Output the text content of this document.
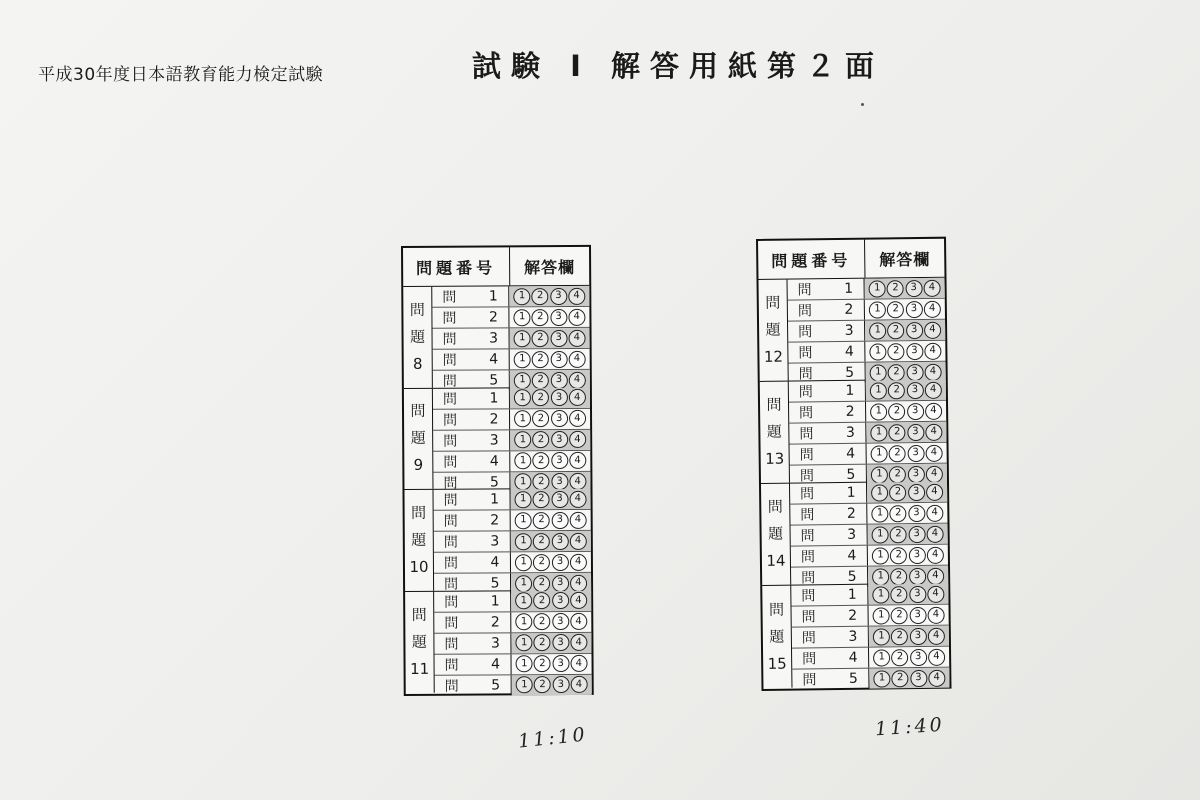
平成30年度日本語教育能力検定試験	試験 I 解答用紙第２面
問題番号	解答欄
問
題
8
問	1	1	2	3	4
問	2	1	2	3	4
問	3	1	2	3	4
問	4	1	2	3	4
問	5	1	2	3	4
問
題
9
問	1	1	2	3	4
問	2	1	2	3	4
問	3	1	2	3	4
問	4	1	2	3	4
問	5	1	2	3	4
問
題
10
問	1	1	2	3	4
問	2	1	2	3	4
問	3	1	2	3	4
問	4	1	2	3	4
問	5	1	2	3	4
問
題
11
問	1	1	2	3	4
問	2	1	2	3	4
問	3	1	2	3	4
問	4	1	2	3	4
問	5	1	2	3	4
問題番号	解答欄
問
題
12
問	1	1	2	3	4
問	2	1	2	3	4
問	3	1	2	3	4
問	4	1	2	3	4
問	5	1	2	3	4
問
題
13
問	1	1	2	3	4
問	2	1	2	3	4
問	3	1	2	3	4
問	4	1	2	3	4
問	5	1	2	3	4
問
題
14
問	1	1	2	3	4
問	2	1	2	3	4
問	3	1	2	3	4
問	4	1	2	3	4
問	5	1	2	3	4
問
題
15
問	1	1	2	3	4
問	2	1	2	3	4
問	3	1	2	3	4
問	4	1	2	3	4
問	5	1	2	3	4
11:10	11:40
